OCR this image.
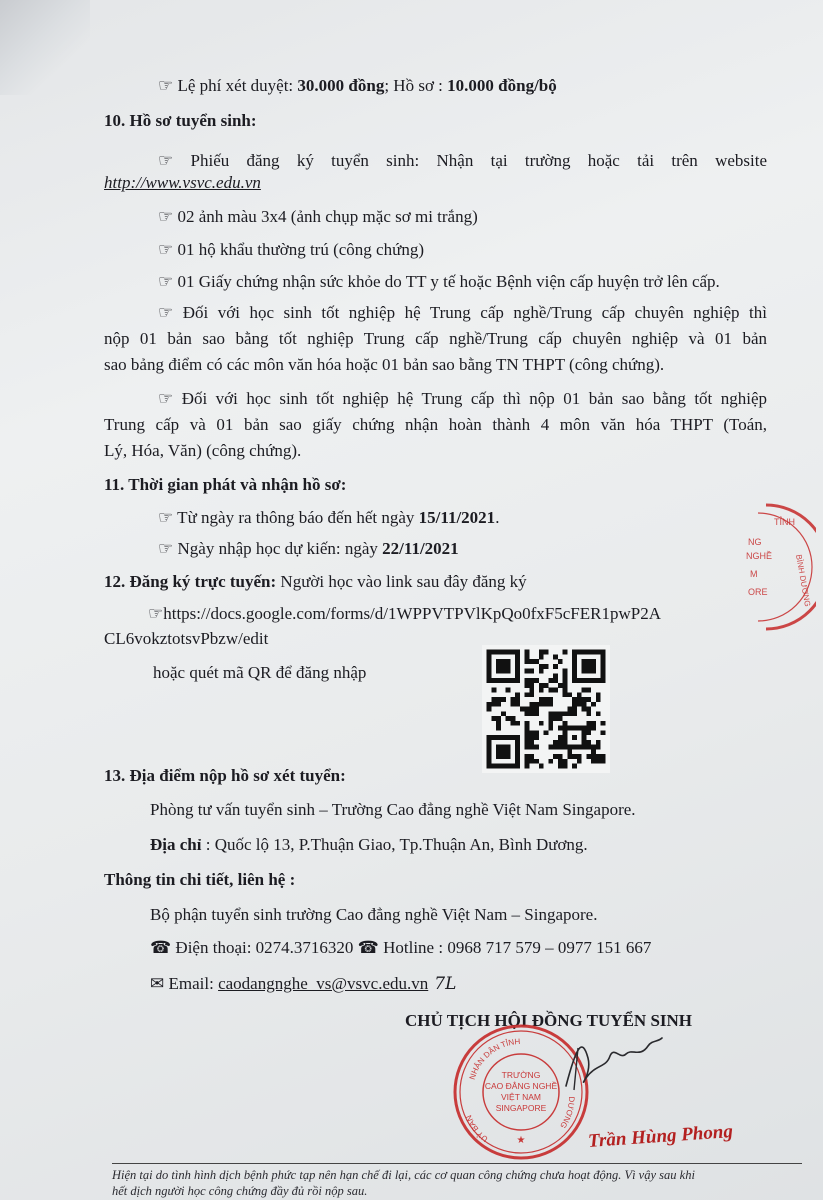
☞ Lệ phí xét duyệt: 30.000 đồng; Hồ sơ : 10.000 đồng/bộ
10. Hồ sơ tuyển sinh:
☞ Phiếu đăng ký tuyển sinh: Nhận tại trường hoặc tải trên website
http://www.vsvc.edu.vn
☞ 02 ảnh màu 3x4 (ảnh chụp mặc sơ mi trắng)
☞ 01 hộ khẩu thường trú (công chứng)
☞ 01 Giấy chứng nhận sức khỏe do TT y tế hoặc Bệnh viện cấp huyện trở lên cấp.
☞ Đối với học sinh tốt nghiệp hệ Trung cấp nghề/Trung cấp chuyên nghiệp thì
nộp 01 bản sao bằng tốt nghiệp Trung cấp nghề/Trung cấp chuyên nghiệp và 01 bản
sao bảng điểm có các môn văn hóa hoặc 01 bản sao bằng TN THPT (công chứng).
☞ Đối với học sinh tốt nghiệp hệ Trung cấp thì nộp 01 bản sao bằng tốt nghiệp
Trung cấp và 01 bản sao giấy chứng nhận hoàn thành 4 môn văn hóa THPT (Toán,
Lý, Hóa, Văn) (công chứng).
11. Thời gian phát và nhận hồ sơ:
☞ Từ ngày ra thông báo đến hết ngày 15/11/2021.
☞ Ngày nhập học dự kiến: ngày 22/11/2021
12. Đăng ký trực tuyến: Người học vào link sau đây đăng ký
☞https://docs.google.com/forms/d/1WPPVTPVlKpQo0fxF5cFER1pwP2A
CL6vokztotsvPbzw/edit
hoặc quét mã QR để đăng nhập
13. Địa điểm nộp hồ sơ xét tuyển:
Phòng tư vấn tuyển sinh – Trường Cao đẳng nghề Việt Nam Singapore.
Địa chỉ : Quốc lộ 13, P.Thuận Giao, Tp.Thuận An, Bình Dương.
Thông tin chi tiết, liên hệ :
Bộ phận tuyển sinh trường Cao đẳng nghề Việt Nam – Singapore.
☎ Điện thoại: 0274.3716320 ☎ Hotline : 0968 717 579 – 0977 151 667
✉ Email: caodangnghe_vs@vsvc.edu.vn 7L
CHỦ TỊCH HỘI ĐỒNG TUYỂN SINH
NHÂN DÂN TỈNH
UỶ BAN
DƯƠNG
TRƯỜNG
CAO ĐẲNG NGHỀ
VIỆT NAM
SINGAPORE
★
TỈNH
BÌNH DƯƠNG
NG
NGHỀ
M
ORE
Trần Hùng Phong
Hiện tại do tình hình dịch bệnh phức tạp nên hạn chế đi lại, các cơ quan công chứng chưa hoạt động. Vì vậy sau khi
hết dịch người học công chứng đầy đủ rồi nộp sau.
